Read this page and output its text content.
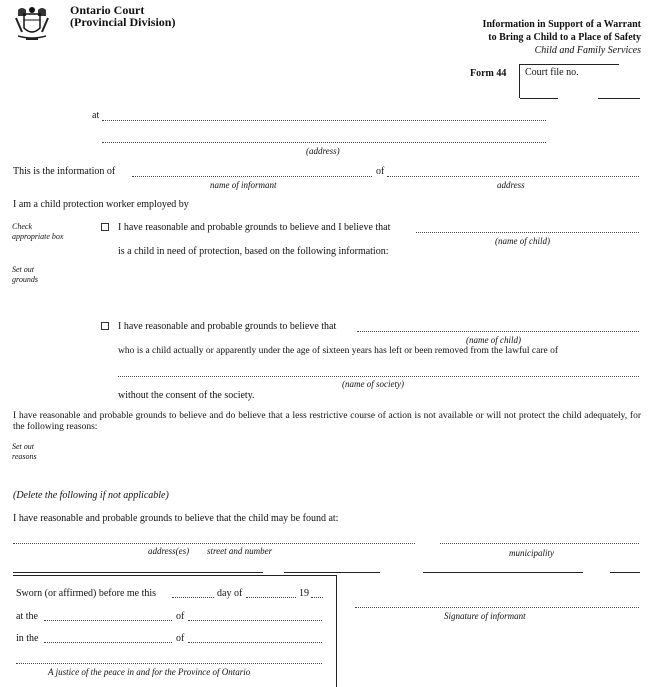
Ontario Court
(Provincial Division)	Information in Support of a Warrant
to Bring a Child to a Place of Safety
Child and Family Services
Form 44 Court file no.
at
(address)
This is the information of	of
name of informant	address
I am a child protection worker employed by
Check appropriate box
Set out grounds
I have reasonable and probable grounds to believe and I believe that
(name of child)
is a child in need of protection, based on the following information:
I have reasonable and probable grounds to believe that
(name of child)
who is a child actually or apparently under the age of sixteen years has left or been removed from the lawful care of
(name of society)
without the consent of the society.
I have reasonable and probable grounds to believe and do believe that a less restrictive course of action is not available or will not protect the child adequately, for the following reasons:
Set out reasons
(Delete the following if not applicable)
I have reasonable and probable grounds to believe that the child may be found at:
address(es) street and number	municipality
Sworn (or affirmed) before me this	day of	19
at the	of
in the	of
A justice of the peace in and for the Province of Ontario
Signature of informant
